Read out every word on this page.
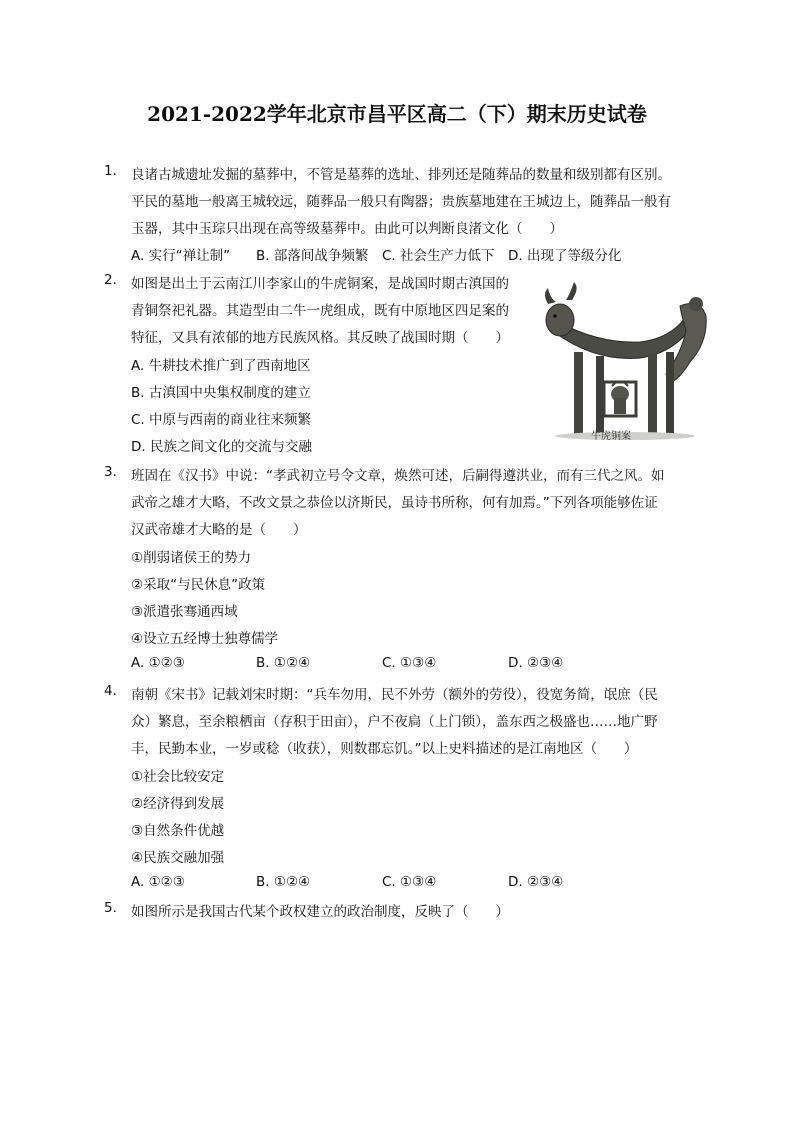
2021-2022学年北京市昌平区高二（下）期末历史试卷
1.	良诸古城遗址发掘的墓葬中，不管是墓葬的选址、排列还是随葬品的数量和级别都有区别。
平民的墓地一般离王城较远，随葬品一般只有陶器；贵族墓地建在王城边上，随葬品一般有
玉器，其中玉琮只出现在高等级墓葬中。由此可以判断良渚文化（　　）
A. 实行“禅让制” B. 部落间战争频繁 C. 社会生产力低下 D. 出现了等级分化
2.	如图是出土于云南江川李家山的牛虎铜案，是战国时期古滇国的
青铜祭祀礼器。其造型由二牛一虎组成，既有中原地区四足案的
特征，又具有浓郁的地方民族风格。其反映了战国时期（　　）
A. 牛耕技术推广到了西南地区
B. 古滇国中央集权制度的建立
C. 中原与西南的商业往来频繁
D. 民族之间文化的交流与交融
牛虎铜案
3.	班固在《汉书》中说：“孝武初立号令文章，焕然可述，后嗣得遵洪业，而有三代之风。如
武帝之雄才大略，不改文景之恭俭以济斯民，虽诗书所称，何有加焉。”下列各项能够佐证
汉武帝雄才大略的是（　　）
①削弱诸侯王的势力
②采取“与民休息”政策
③派遣张骞通西域
④设立五经博士独尊儒学
A. ①②③	B. ①②④	C. ①③④	D. ②③④
4.	南朝《宋书》记载刘宋时期：“兵车勿用，民不外劳（额外的劳役），役宽务简，氓庶（民
众）繁息，至余粮栖亩（存积于田亩），户不夜扃（上门锁），盖东西之极盛也……地广野
丰，民勤本业，一岁或稔（收获），则数郡忘饥。”以上史料描述的是江南地区（　　）
①社会比较安定
②经济得到发展
③自然条件优越
④民族交融加强
A. ①②③	B. ①②④	C. ①③④	D. ②③④
5.	如图所示是我国古代某个政权建立的政治制度，反映了（　　）
